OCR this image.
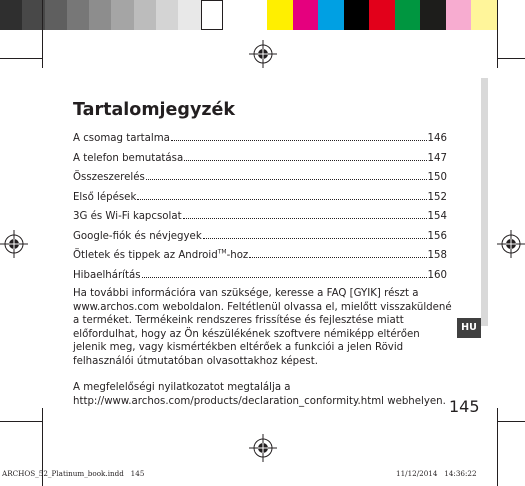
Tartalomjegyzék
A csomag tartalma	146
A telefon bemutatása	147
Összeszerelés	150
Első lépések	152
3G és Wi-Fi kapcsolat	154
Google-fiók és névjegyek	156
Ötletek és tippek az Android™-hoz	158
Hibaelhárítás	160
Ha további információra van szüksége, keresse a FAQ [GYIK] részt a www.archos.com weboldalon. Feltétlenül olvassa el, mielőtt visszaküldené a terméket. Termékeink rendszeres frissítése és fejlesztése miatt előfordulhat, hogy az Ön készülékének szoftvere némiképp eltérően jelenik meg, vagy kismértékben eltérőek a funkciói a jelen Rövid felhasználói útmutatóban olvasottakhoz képest.
A megfelelőségi nyilatkozatot megtalálja a http://www.archos.com/products/declaration_conformity.html webhelyen.
HU
145
ARCHOS_52_Platinum_book.indd   145	11/12/2014   14:36:22
